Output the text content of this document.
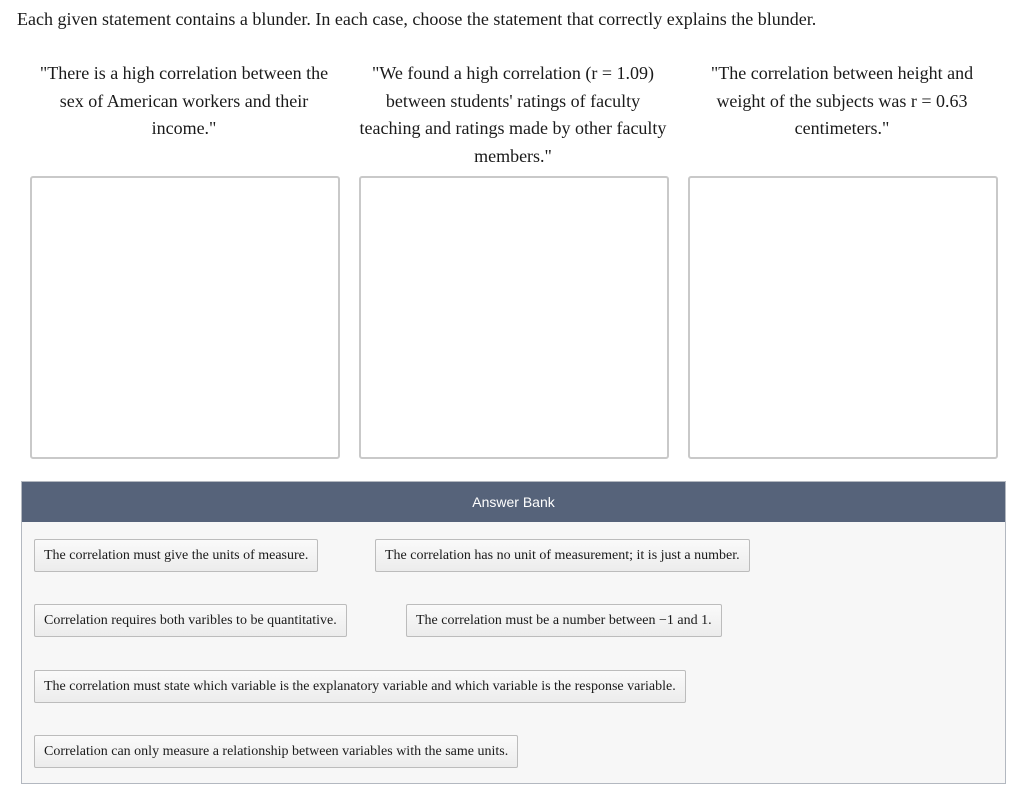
Each given statement contains a blunder. In each case, choose the statement that correctly explains the blunder.
"There is a high correlation between the sex of American workers and their income."
"We found a high correlation (r = 1.09) between students' ratings of faculty teaching and ratings made by other faculty members."
"The correlation between height and weight of the subjects was r = 0.63 centimeters."
Answer Bank
The correlation must give the units of measure.	The correlation has no unit of measurement; it is just a number.
Correlation requires both varibles to be quantitative.	The correlation must be a number between −1 and 1.
The correlation must state which variable is the explanatory variable and which variable is the response variable.
Correlation can only measure a relationship between variables with the same units.
